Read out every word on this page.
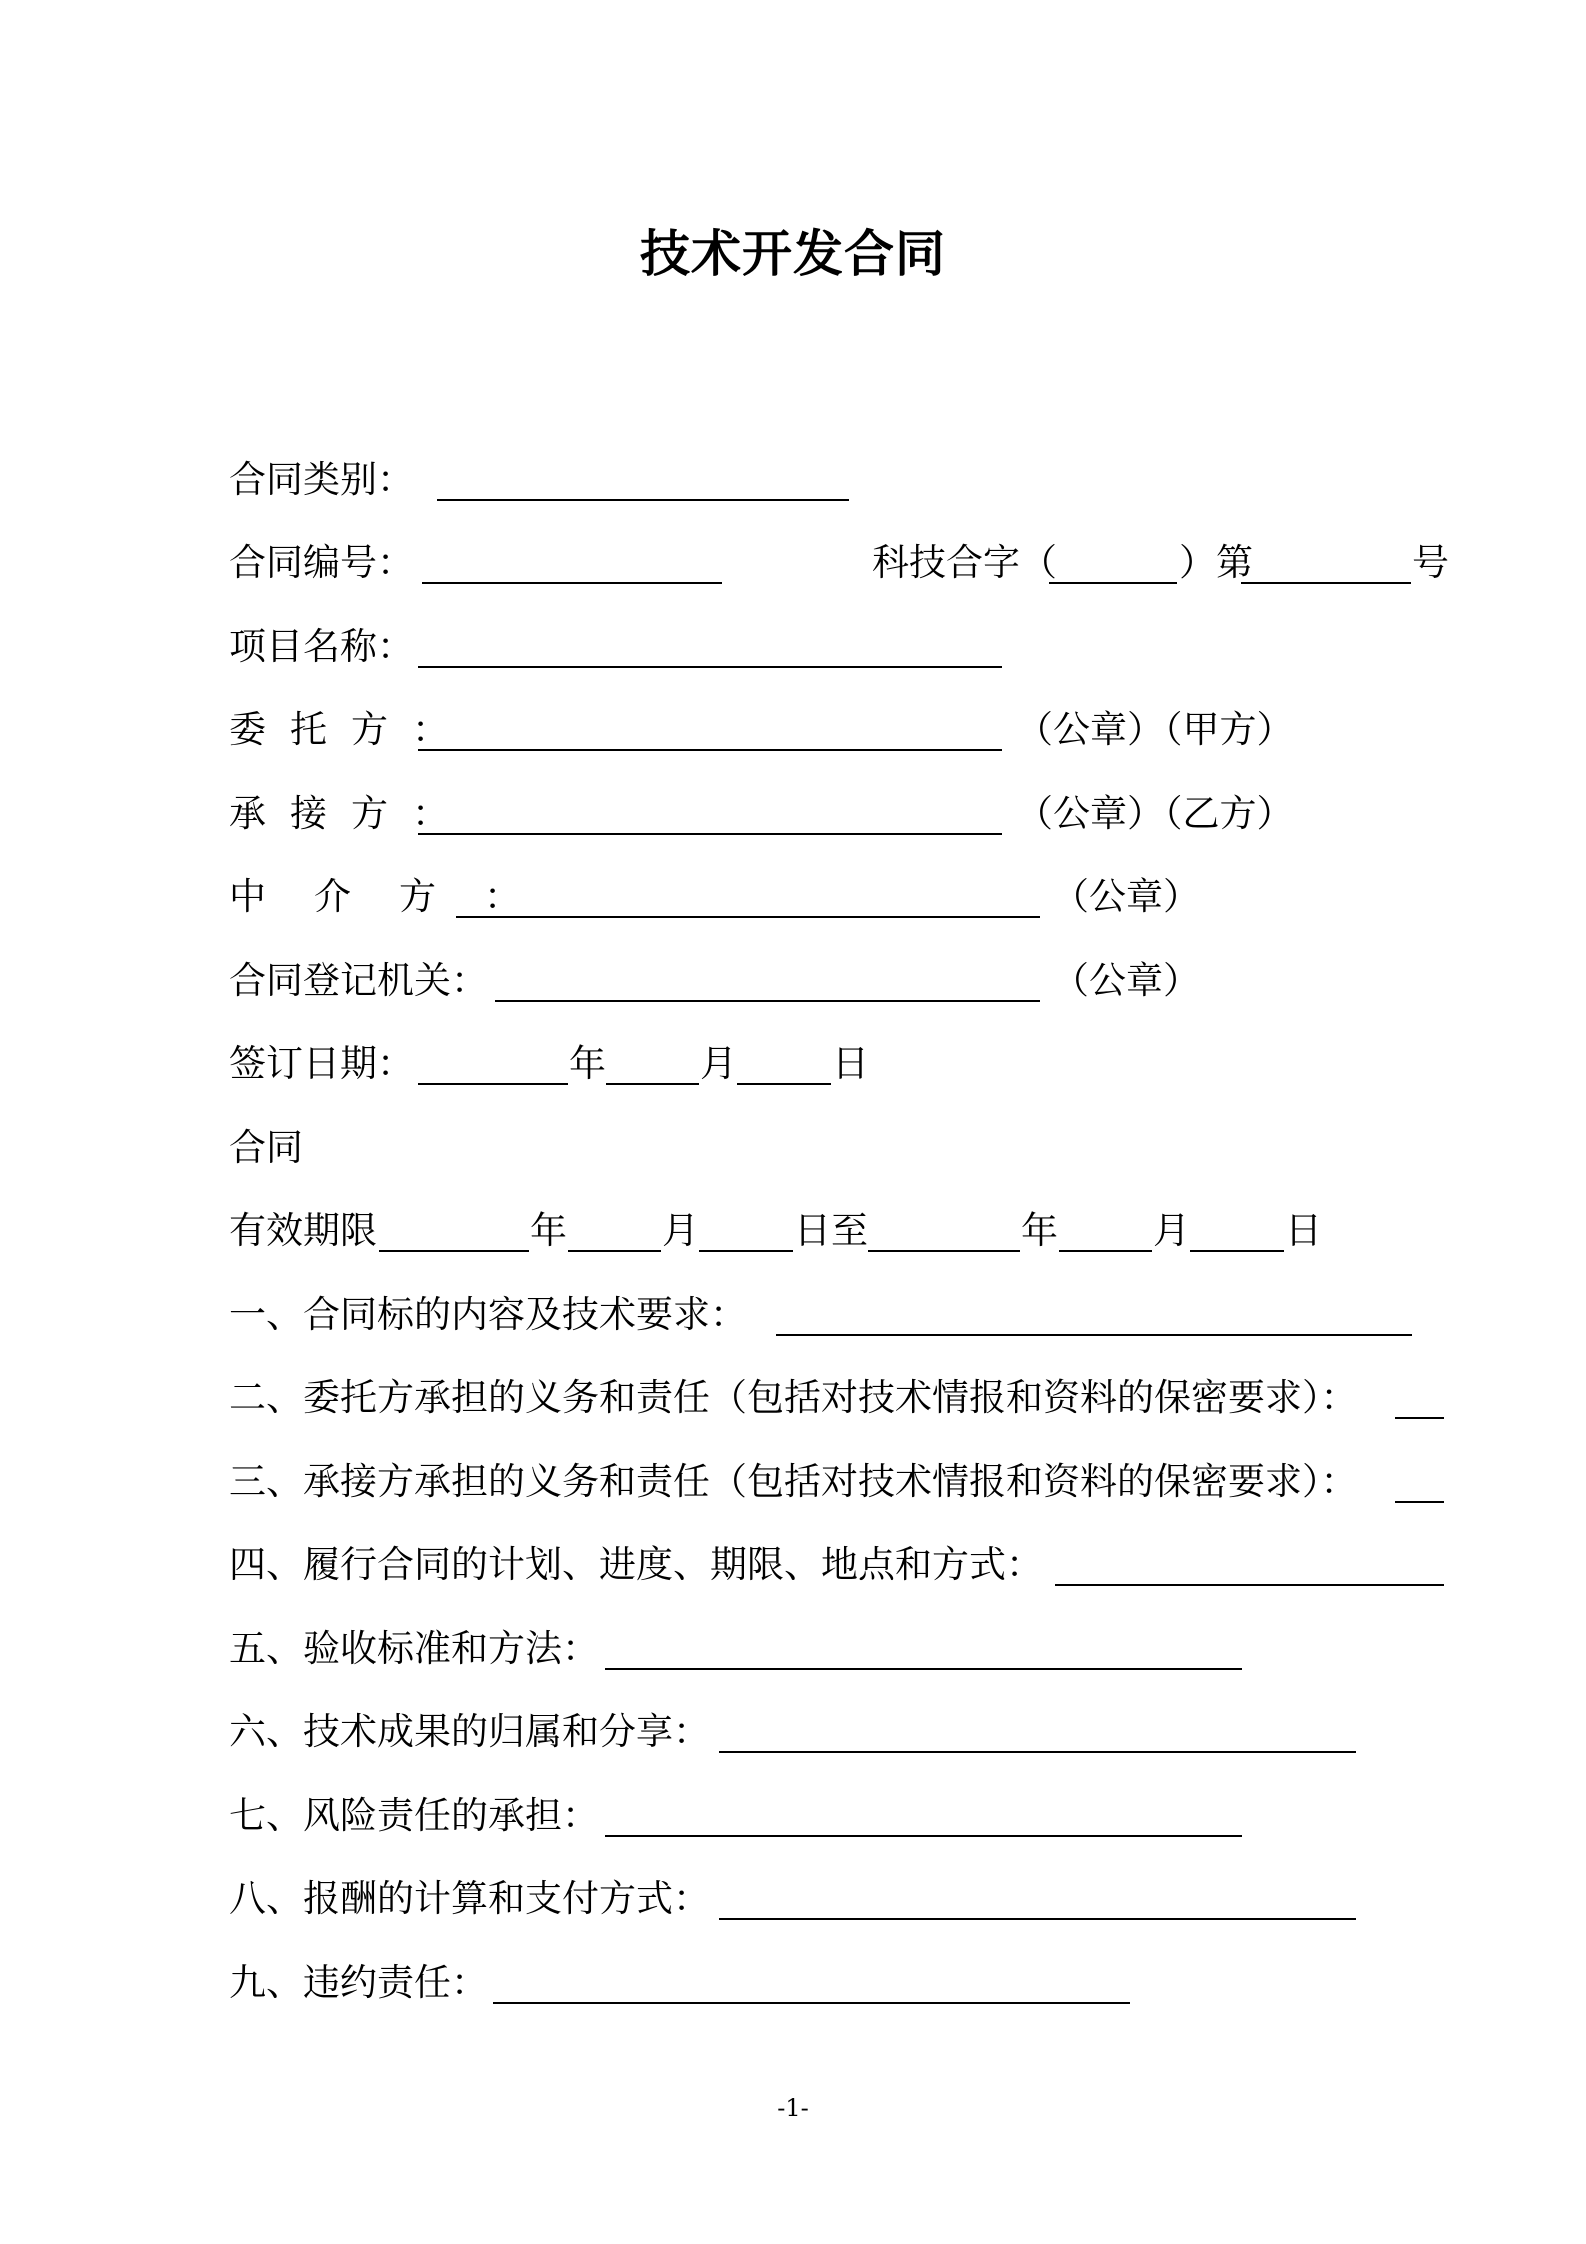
技术开发合同
合同类别：
合同编号：	科技合字（	）第	号
项目名称：
委托方：	（公章）（甲方）
承接方：	（公章）（乙方）
中介方：	（公章）
合同登记机关：	（公章）
签订日期：	年	月	日
合同
有效期限	年	月	日至	年	月	日
一、合同标的内容及技术要求：
二、委托方承担的义务和责任（包括对技术情报和资料的保密要求）：
三、承接方承担的义务和责任（包括对技术情报和资料的保密要求）：
四、履行合同的计划、进度、期限、地点和方式：
五、验收标准和方法：
六、技术成果的归属和分享：
七、风险责任的承担：
八、报酬的计算和支付方式：
九、违约责任：
-1-
